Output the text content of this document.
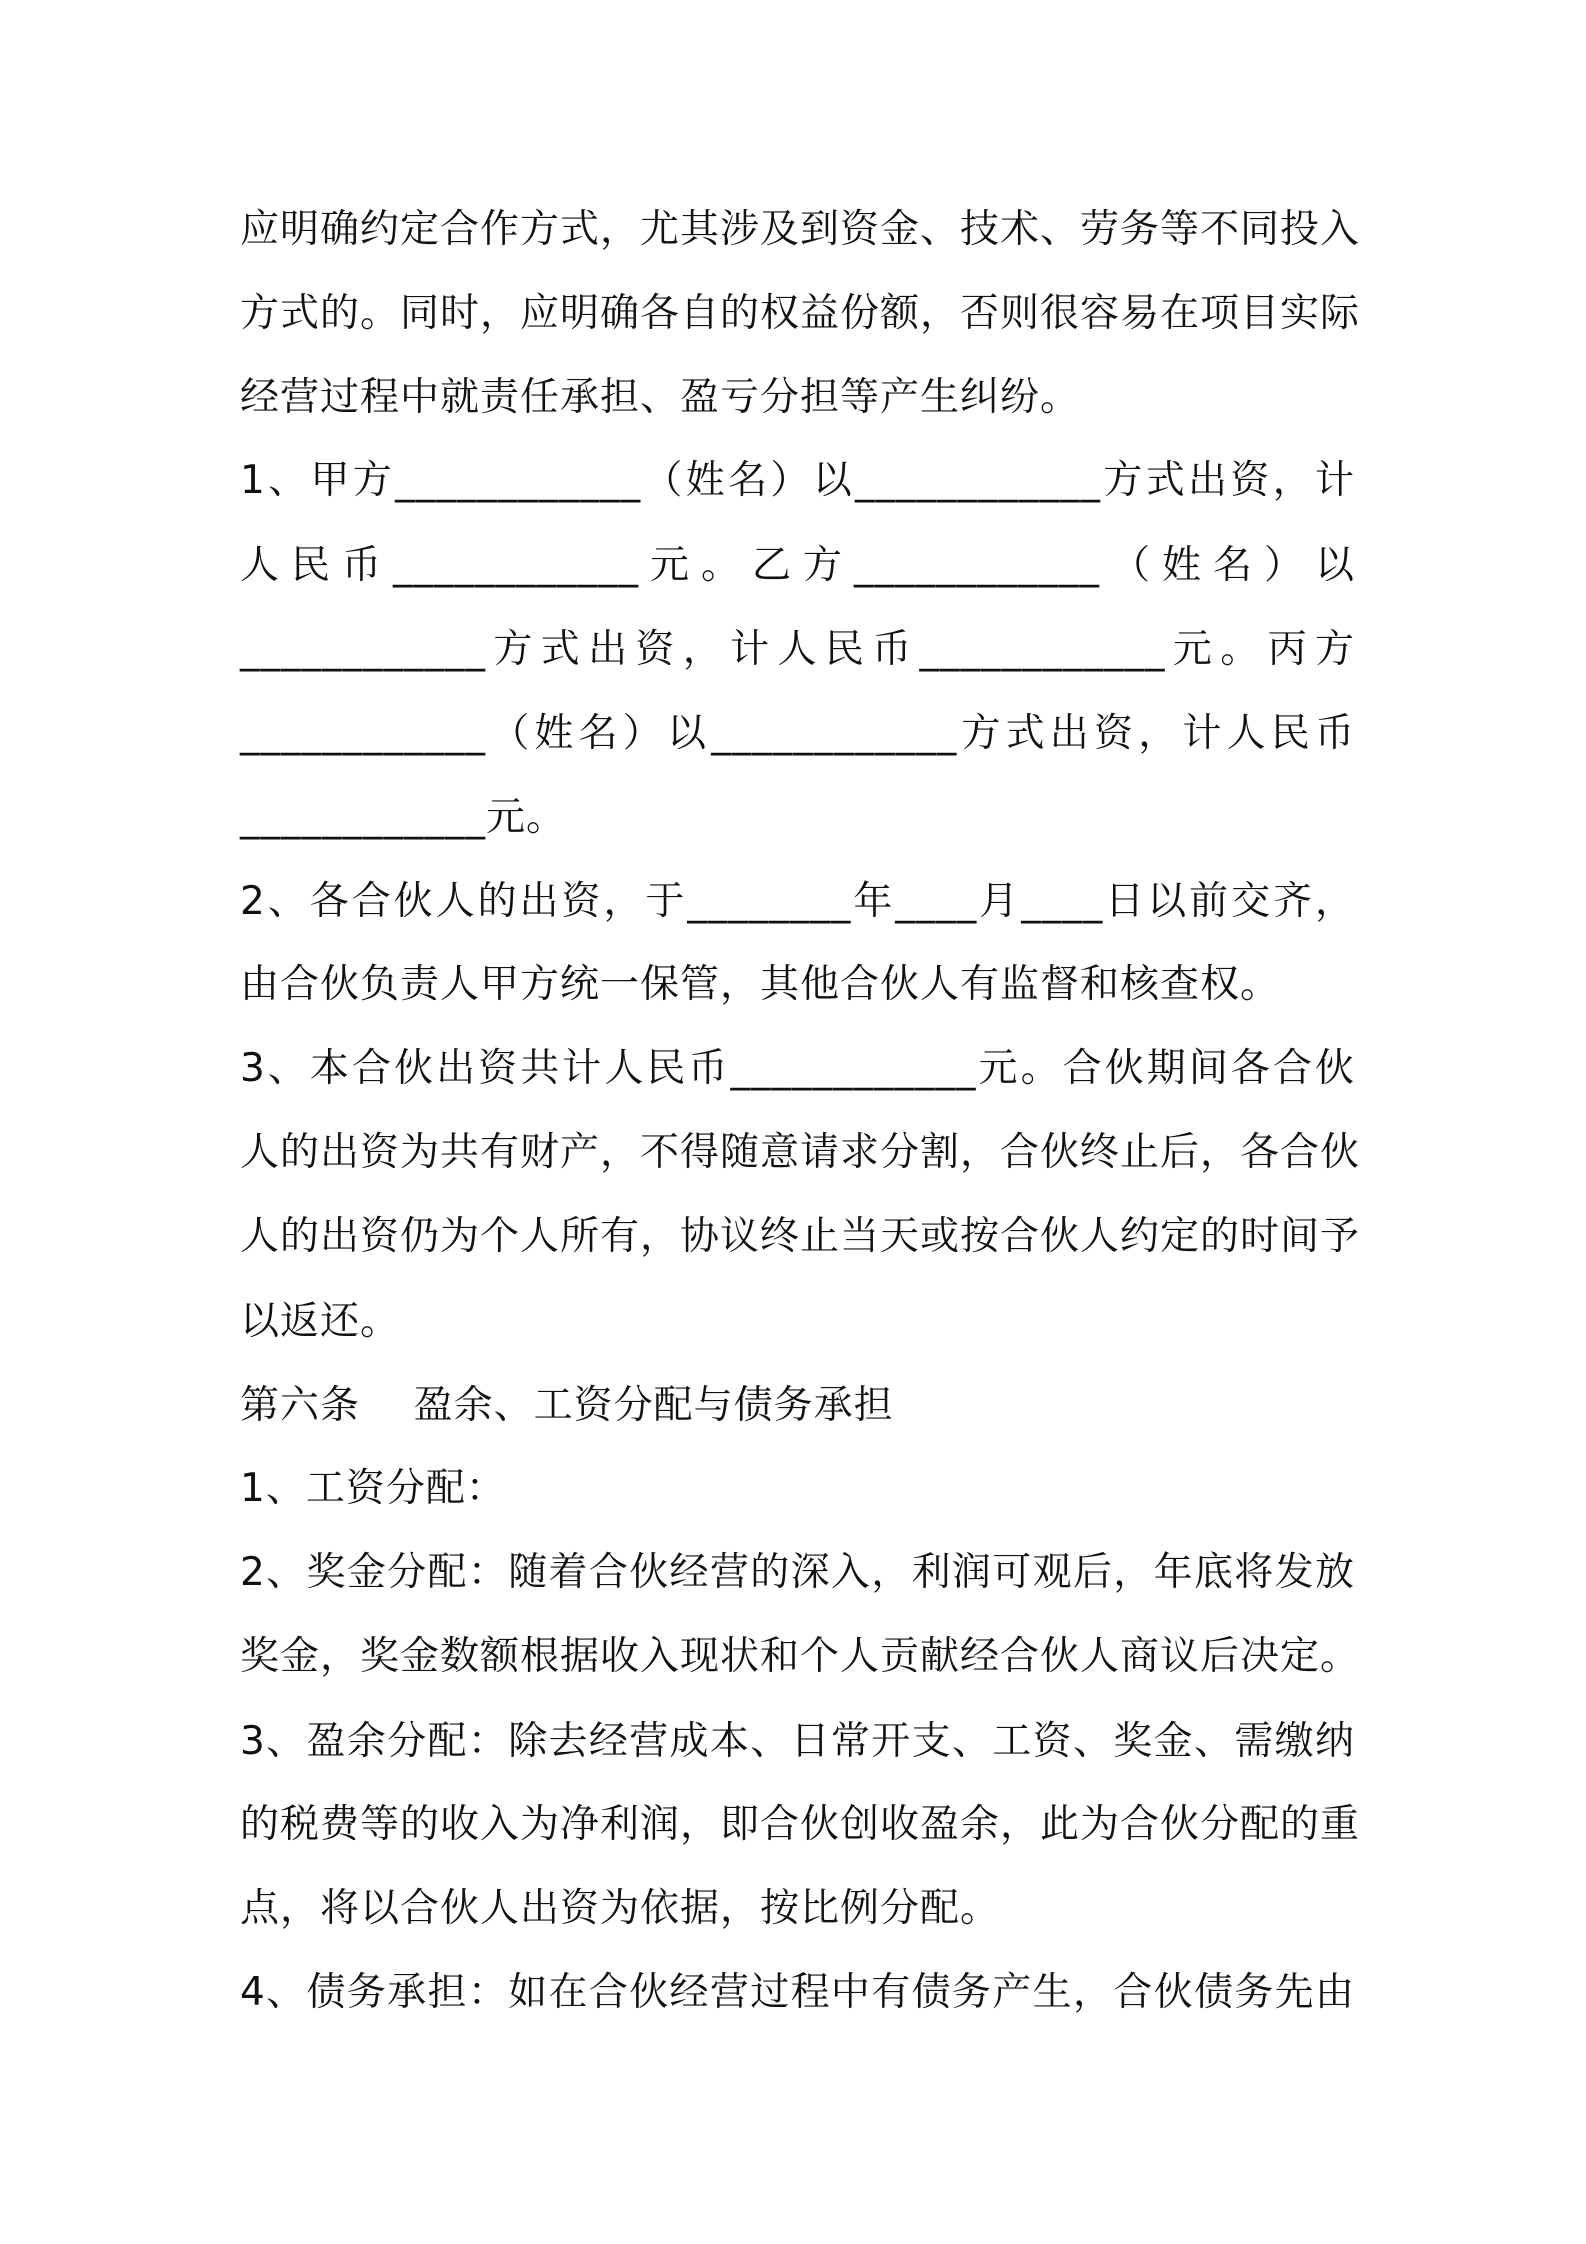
应明确约定合作方式，尤其涉及到资金、技术、劳务等不同投入
方式的。同时，应明确各自的权益份额，否则很容易在项目实际
经营过程中就责任承担、盈亏分担等产生纠纷。
1、甲方____________（姓名）以____________方式出资，计
人民币____________元。乙方____________（姓名）以
____________方式出资，计人民币____________元。丙方
____________（姓名）以____________方式出资，计人民币
____________元。
2、各合伙人的出资，于________年____月____日以前交齐，
由合伙负责人甲方统一保管，其他合伙人有监督和核查权。
3、本合伙出资共计人民币____________元。合伙期间各合伙
人的出资为共有财产，不得随意请求分割，合伙终止后，各合伙
人的出资仍为个人所有，协议终止当天或按合伙人约定的时间予
以返还。
第六条    盈余、工资分配与债务承担
1、工资分配：
2、奖金分配：随着合伙经营的深入，利润可观后，年底将发放
奖金，奖金数额根据收入现状和个人贡献经合伙人商议后决定。
3、盈余分配：除去经营成本、日常开支、工资、奖金、需缴纳
的税费等的收入为净利润，即合伙创收盈余，此为合伙分配的重
点，将以合伙人出资为依据，按比例分配。
4、债务承担：如在合伙经营过程中有债务产生，合伙债务先由
